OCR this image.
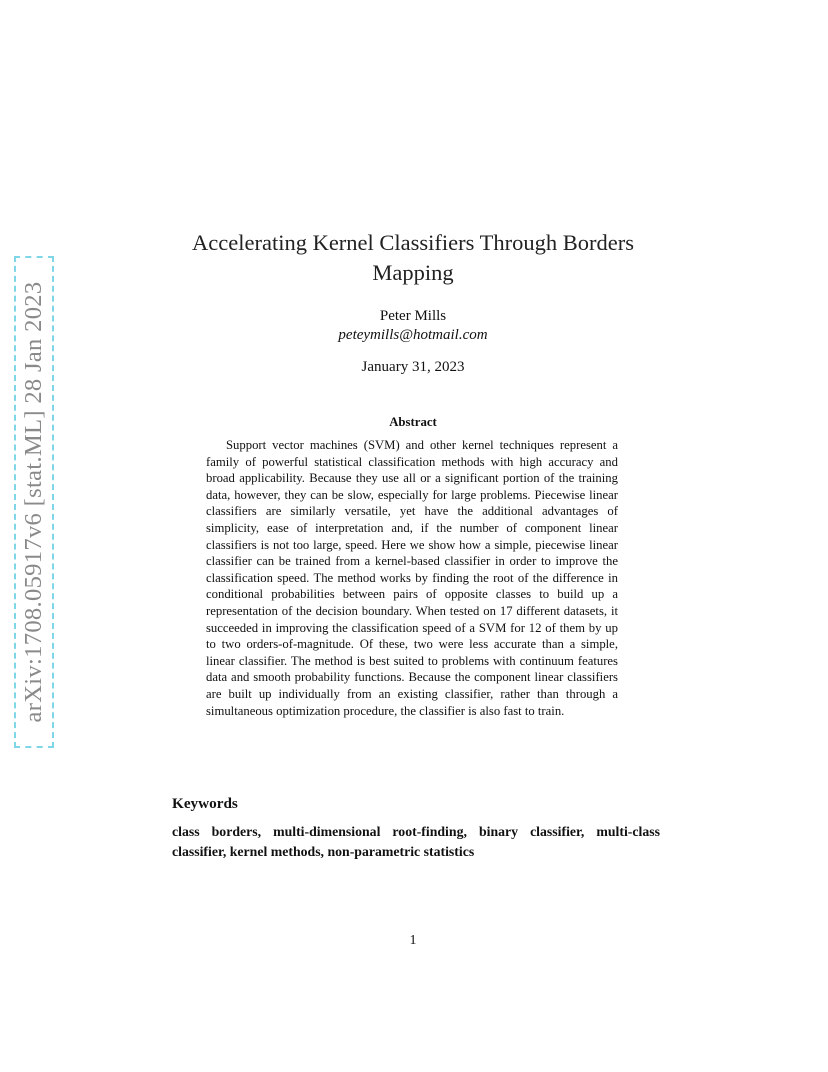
arXiv:1708.05917v6 [stat.ML] 28 Jan 2023
Accelerating Kernel Classifiers Through Borders
Mapping
Peter Mills
peteymills@hotmail.com
January 31, 2023
Abstract

Support vector machines (SVM) and other kernel techniques represent a family of powerful statistical classification methods with high accuracy and broad applicability. Because they use all or a significant portion of the training data, however, they can be slow, especially for large problems. Piecewise linear classifiers are similarly versatile, yet have the additional advantages of simplicity, ease of interpretation and, if the number of component linear classifiers is not too large, speed. Here we show how a simple, piecewise linear classifier can be trained from a kernel-based classifier in order to improve the classification speed. The method works by finding the root of the difference in conditional probabilities between pairs of opposite classes to build up a representation of the decision boundary. When tested on 17 different datasets, it succeeded in improving the classification speed of a SVM for 12 of them by up to two orders-of-magnitude. Of these, two were less accurate than a simple, linear classifier. The method is best suited to problems with continuum features data and smooth probability functions. Because the component linear classifiers are built up individually from an existing classifier, rather than through a simultaneous optimization procedure, the classifier is also fast to train.

Keywords

class borders, multi-dimensional root-finding, binary classifier, multi-class classifier, kernel methods, non-parametric statistics

1
